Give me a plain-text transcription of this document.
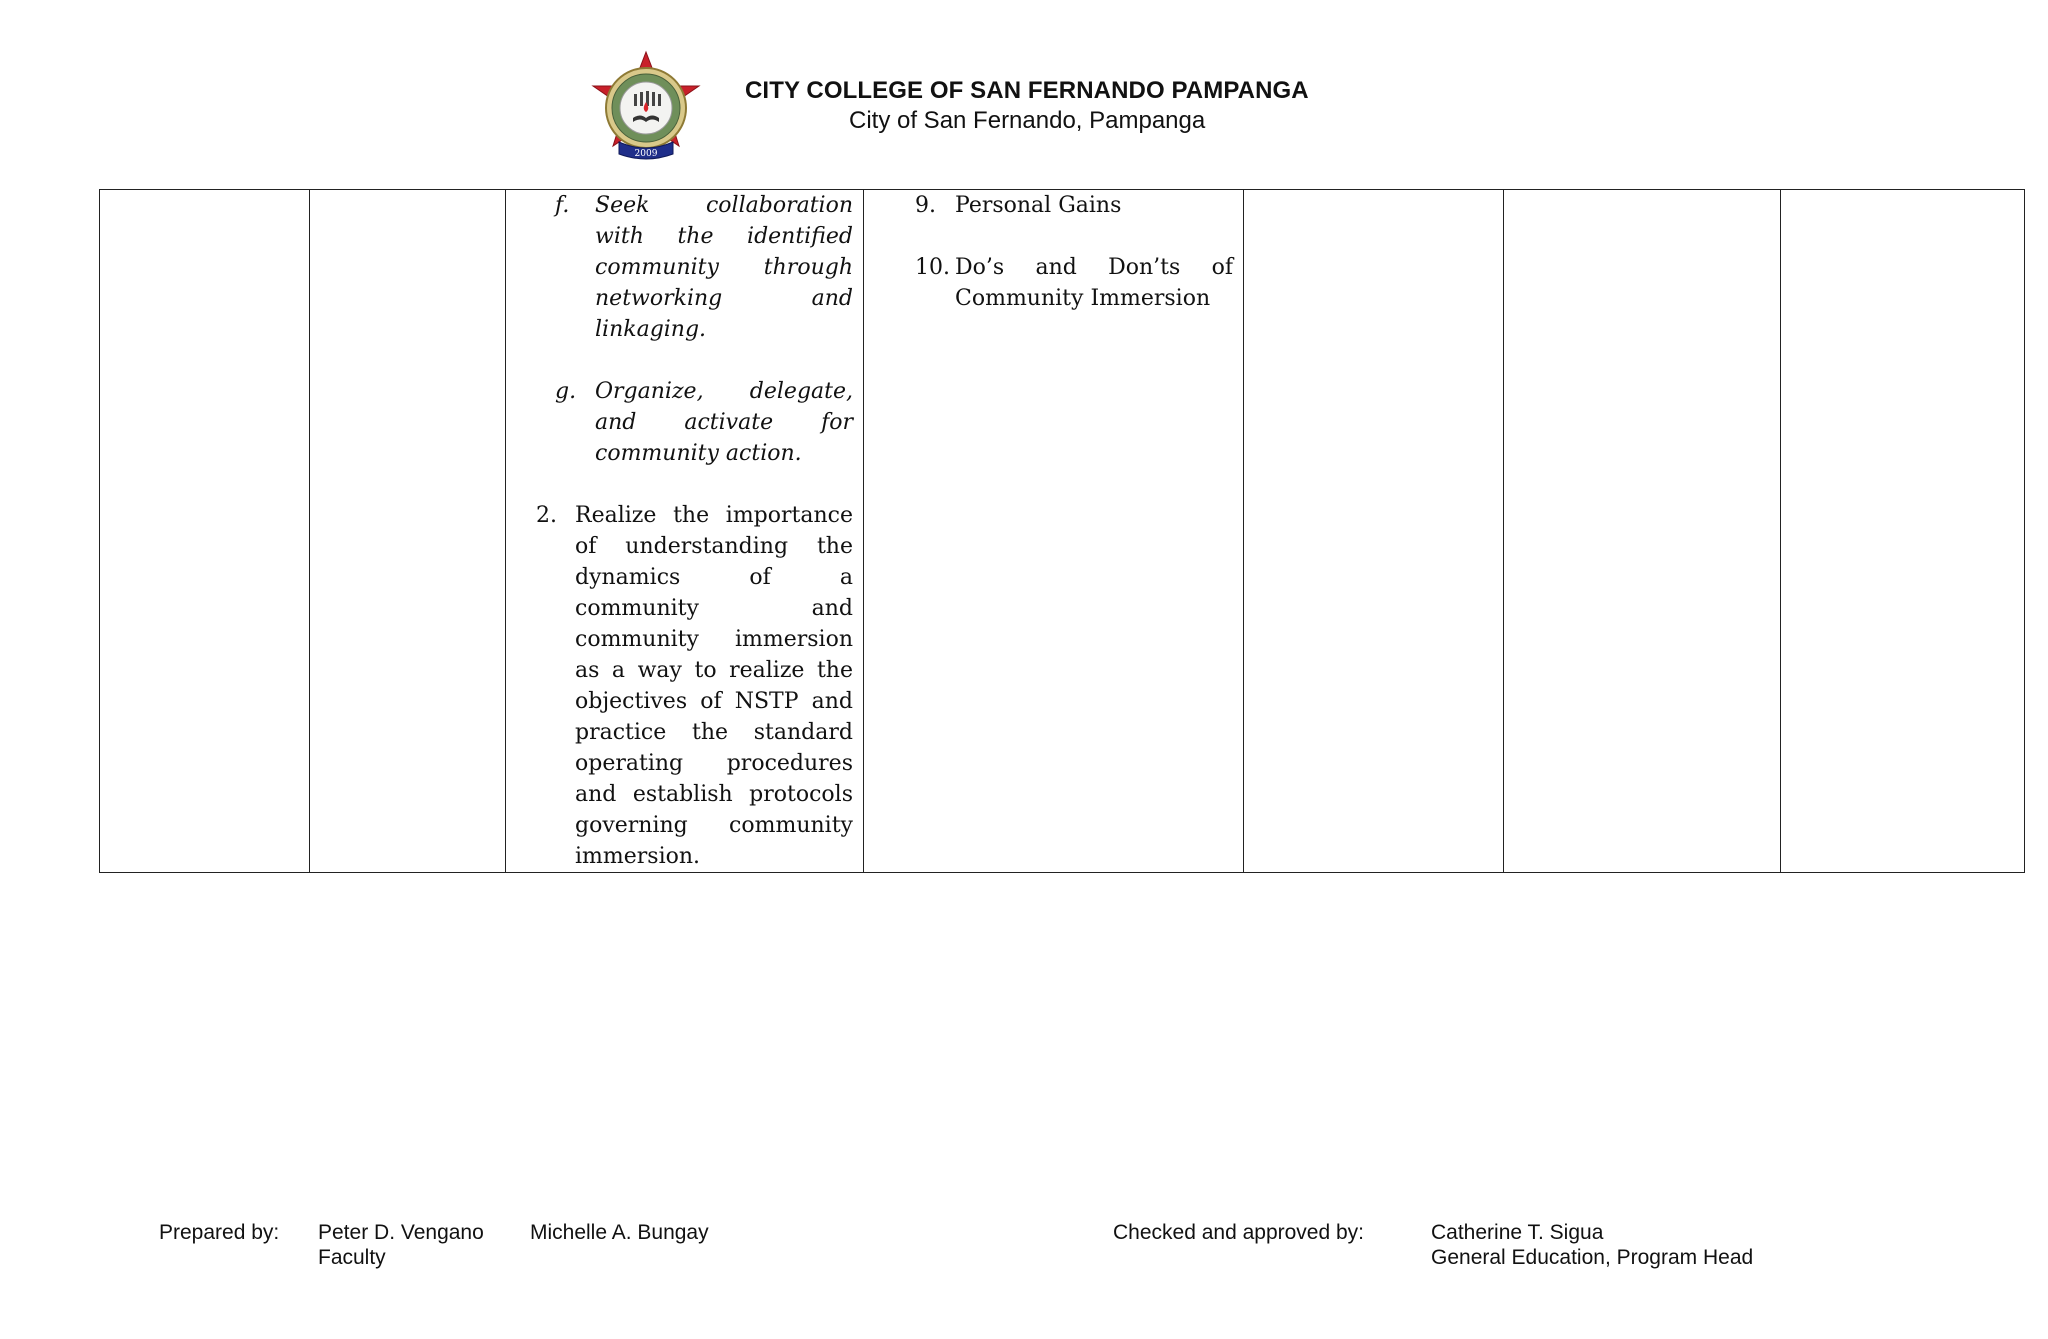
2009
CITY COLLEGE OF SAN FERNANDO PAMPANGA
City of San Fernando, Pampanga

f.	Seek collaboration with the identified community through networking and linkaging.
g. Organize, delegate, and activate for community action.
2. Realize the importance of understanding the dynamics of a community and community immersion as a way to realize the objectives of NSTP and practice the standard operating procedures and establish protocols governing community immersion.

9. Personal Gains
10. Do’s and Don’ts of Community Immersion

Prepared by: Peter D. Vengano
Faculty
Michelle A. Bungay	Checked and approved by:	Catherine T. Sigua
General Education, Program Head
